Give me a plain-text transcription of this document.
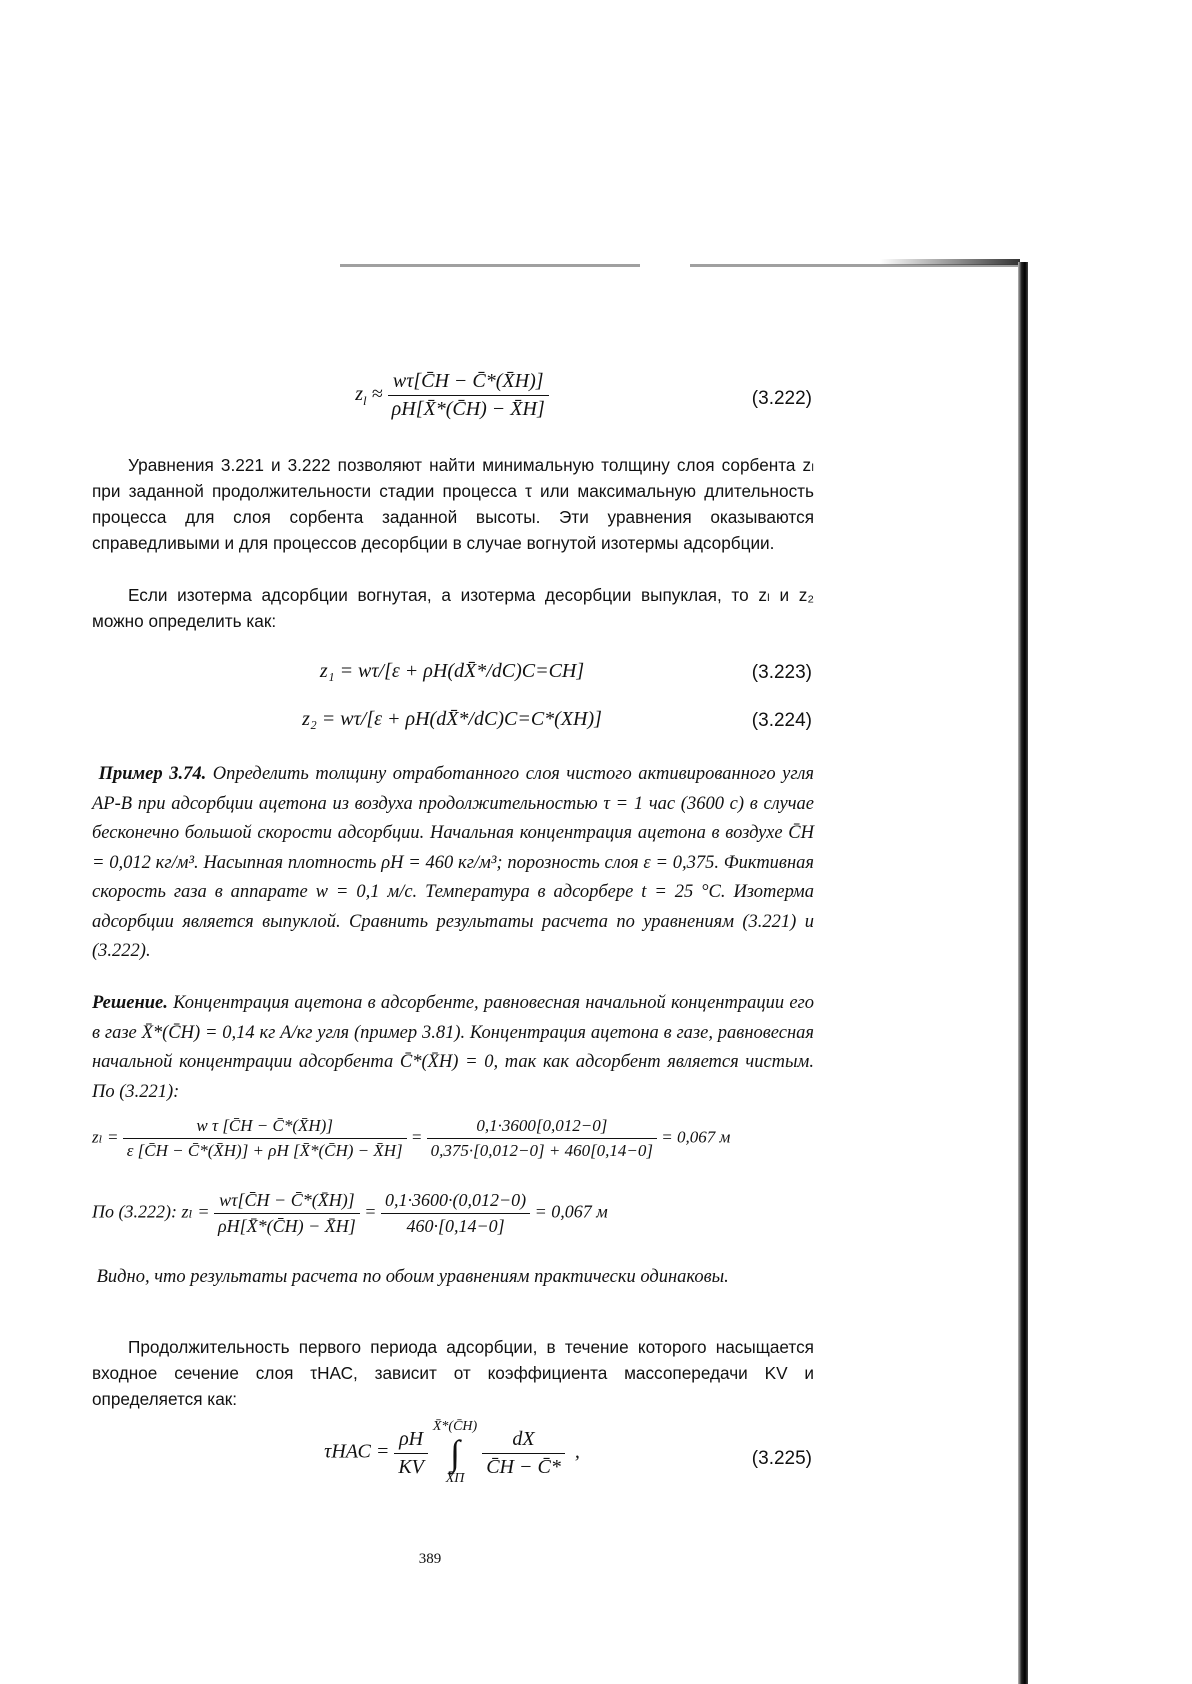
$z_l \approx \frac{w\tau[C̄Н - C̄*(X̄Н)]}{\rho Н[X̄*(C̄Н) - X̄Н]}$	(3.222)
Уравнения 3.221 и 3.222 позволяют найти минимальную толщину слоя сорбента zₗ при заданной продолжительности стадии процесса τ или максимальную длительность процесса для слоя сорбента заданной высоты. Эти уравнения оказываются справедливыми и для процессов десорбции в случае вогнутой изотермы адсорбции.
Если изотерма адсорбции вогнутая, а изотерма десорбции выпуклая, то zₗ и z₂ можно определить как:
z₁ = wτ/[ε + ρН(dX̄*/dC)C=CН]	(3.223)
z₂ = wτ/[ε + ρН(dX̄*/dC)C=C*(XН)]	(3.224)
Пример 3.74. Определить толщину отработанного слоя чистого активированного угля АР-В при адсорбции ацетона из воздуха продолжительностью τ = 1 час (3600 с) в случае бесконечно большой скорости адсорбции. Начальная концентрация ацетона в воздухе C̄Н = 0,012 кг/м³. Насыпная плотность ρН = 460 кг/м³; порозность слоя ε = 0,375. Фиктивная скорость газа в аппарате w = 0,1 м/с. Температура в адсорбере t = 25 °C. Изотерма адсорбции является выпуклой. Сравнить результаты расчета по уравнениям (3.221) и (3.222).
Решение. Концентрация ацетона в адсорбенте, равновесная начальной концентрации его в газе X̄*(C̄Н) = 0,14 кг А/кг угля (пример 3.81). Концентрация ацетона в газе, равновесная начальной концентрации адсорбента C̄*(X̄Н) = 0, так как адсорбент является чистым. По (3.221):
$z_l = \frac{\text{w τ [C̄Н − C̄*(X̄Н)]}}{\varepsilon [C̄Н - C̄*(X̄Н)] + \rho Н [X̄*(C̄Н) - X̄Н]} = \frac{0,1\cdot 3600[0,012-0]}{0,375\cdot[0,012-0] + 460[0,14-0]} = 0,067$ м
По (3.222): $z_l = \frac{w\tau[C̄Н - C̄*(X̄Н)]}{\rho Н[X̄*(C̄Н) - X̄Н]} = \frac{0,1\cdot 3600\cdot(0,012-0)}{460\cdot[0,14-0]} = 0,067$ м
Видно, что результаты расчета по обоим уравнениям практически одинаковы.
Продолжительность первого периода адсорбции, в течение которого насыщается входное сечение слоя τНАС, зависит от коэффициента массопередачи KV и определяется как:
$\tau НАС = \frac{\rho Н}{KV}$

X̄*(C̄Н)
∫
X̄П
$\frac{dX}{C̄Н - C̄*}$ ,	(3.225)
389
